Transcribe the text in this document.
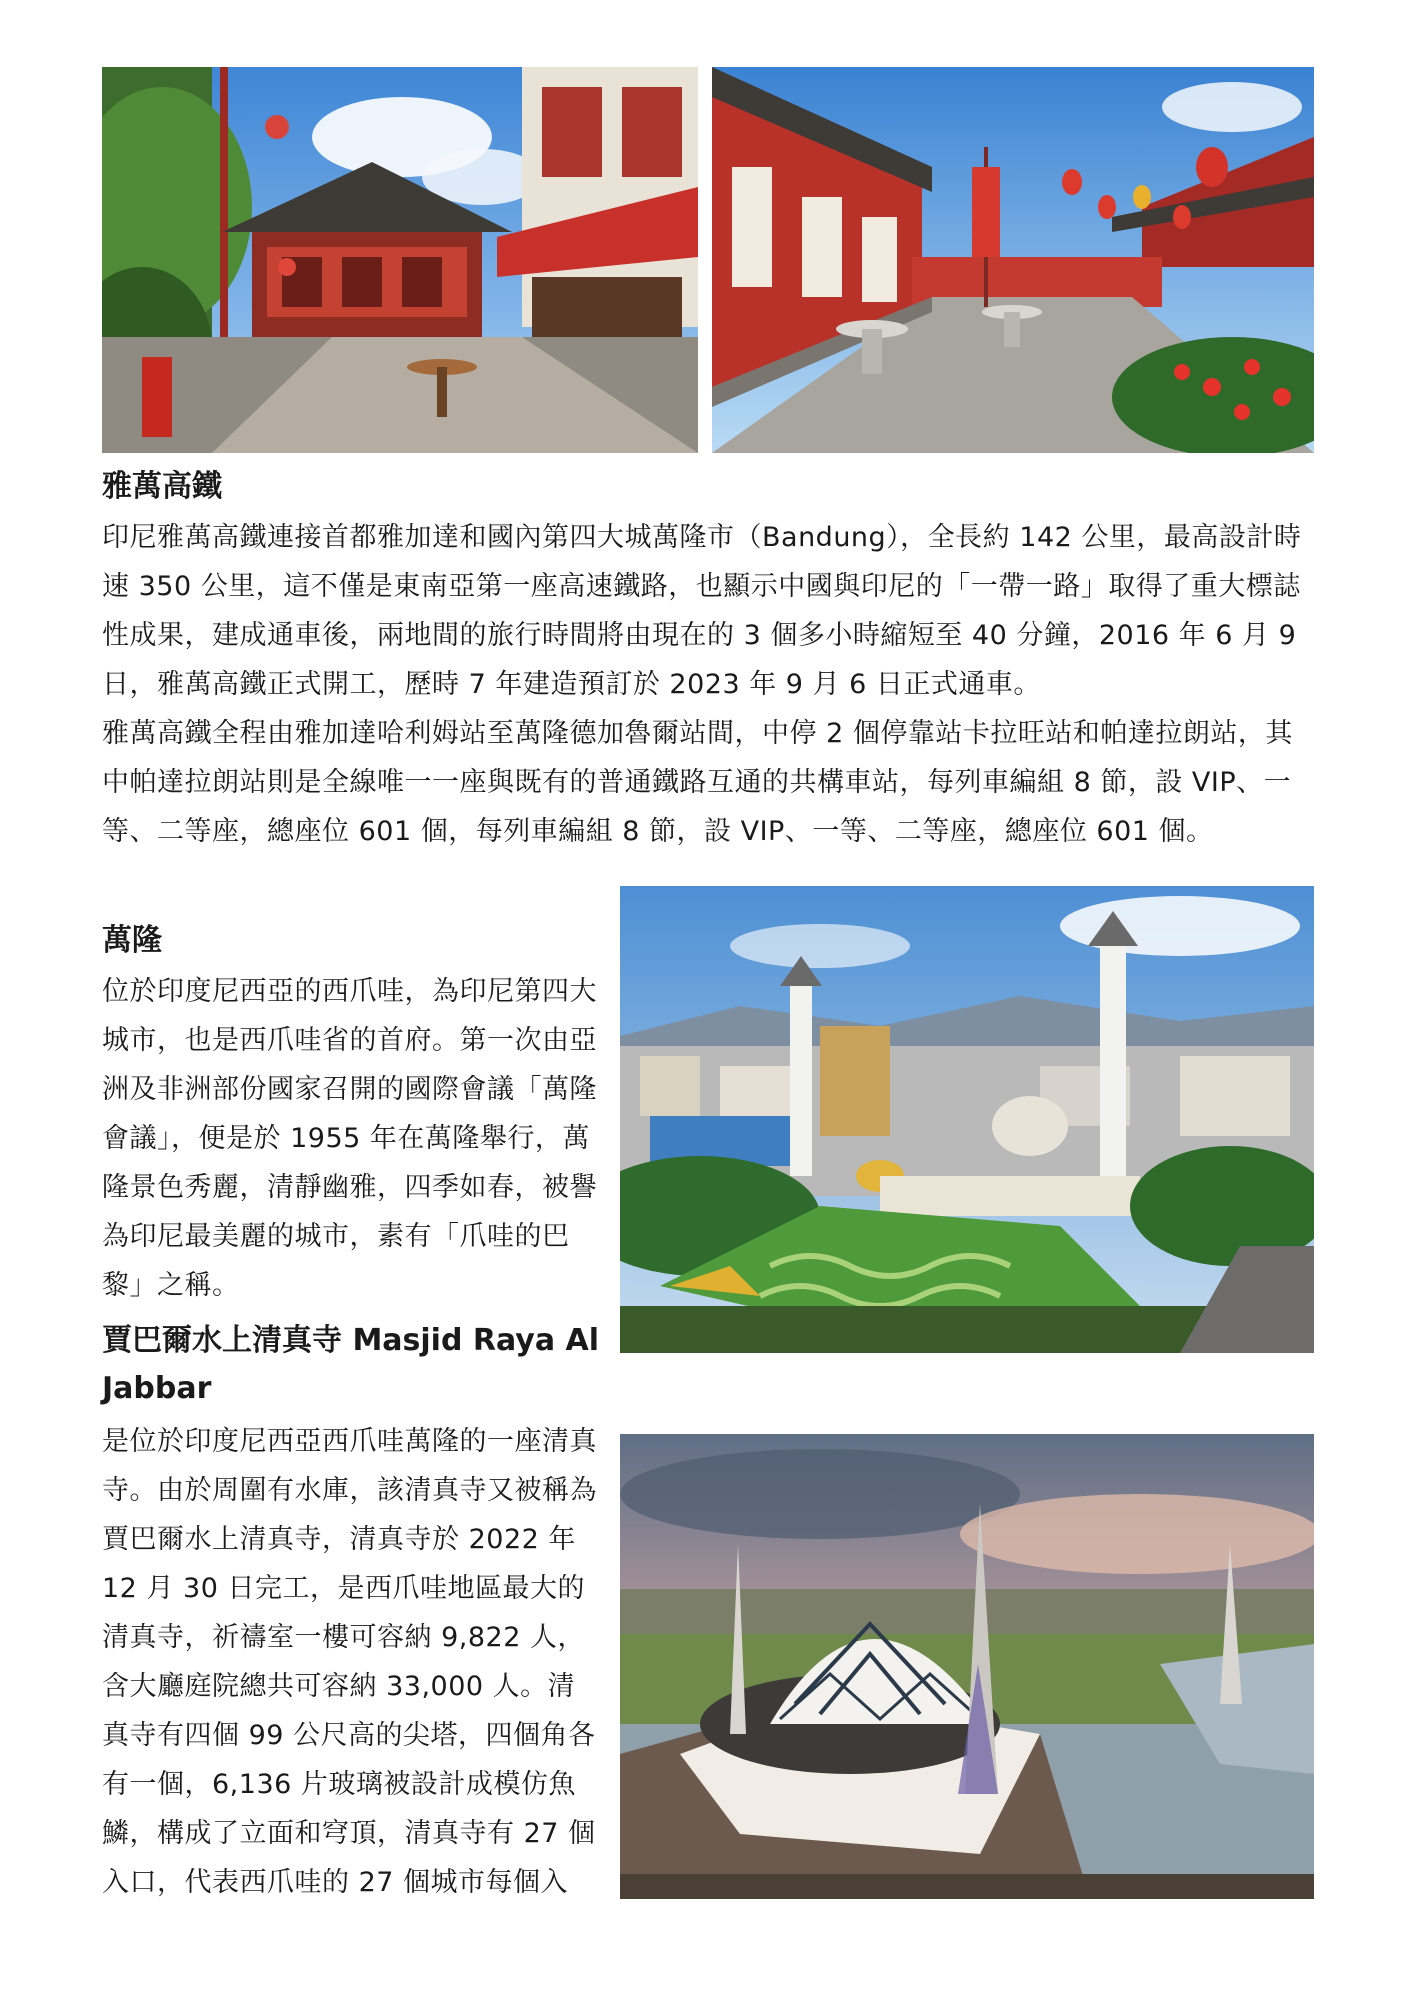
雅萬高鐵

印尼雅萬高鐵連接首都雅加達和國內第四大城萬隆市（Bandung），全長約 142 公里，最高設計時速 350 公里，這不僅是東南亞第一座高速鐵路，也顯示中國與印尼的「一帶一路」取得了重大標誌性成果，建成通車後，兩地間的旅行時間將由現在的 3 個多小時縮短至 40 分鐘，2016 年 6 月 9 日，雅萬高鐵正式開工，歷時 7 年建造預訂於 2023 年 9 月 6 日正式通車。

雅萬高鐵全程由雅加達哈利姆站至萬隆德加魯爾站間，中停 2 個停靠站卡拉旺站和帕達拉朗站，其中帕達拉朗站則是全線唯一一座與既有的普通鐵路互通的共構車站，每列車編組 8 節，設 VIP、一等、二等座，總座位 601 個，每列車編組 8 節，設 VIP、一等、二等座，總座位 601 個。

萬隆

位於印度尼西亞的西爪哇，為印尼第四大城市，也是西爪哇省的首府。第一次由亞洲及非洲部份國家召開的國際會議「萬隆會議」，便是於 1955 年在萬隆舉行，萬隆景色秀麗，清靜幽雅，四季如春，被譽為印尼最美麗的城市，素有「爪哇的巴黎」之稱。

賈巴爾水上清真寺 Masjid Raya Al Jabbar

是位於印度尼西亞西爪哇萬隆的一座清真寺。由於周圍有水庫，該清真寺又被稱為賈巴爾水上清真寺，清真寺於 2022 年 12 月 30 日完工，是西爪哇地區最大的清真寺，祈禱室一樓可容納 9,822 人，含大廳庭院總共可容納 33,000 人。清真寺有四個 99 公尺高的尖塔，四個角各有一個，6,136 片玻璃被設計成模仿魚鱗，構成了立面和穹頂，清真寺有 27 個入口，代表西爪哇的 27 個城市每個入
